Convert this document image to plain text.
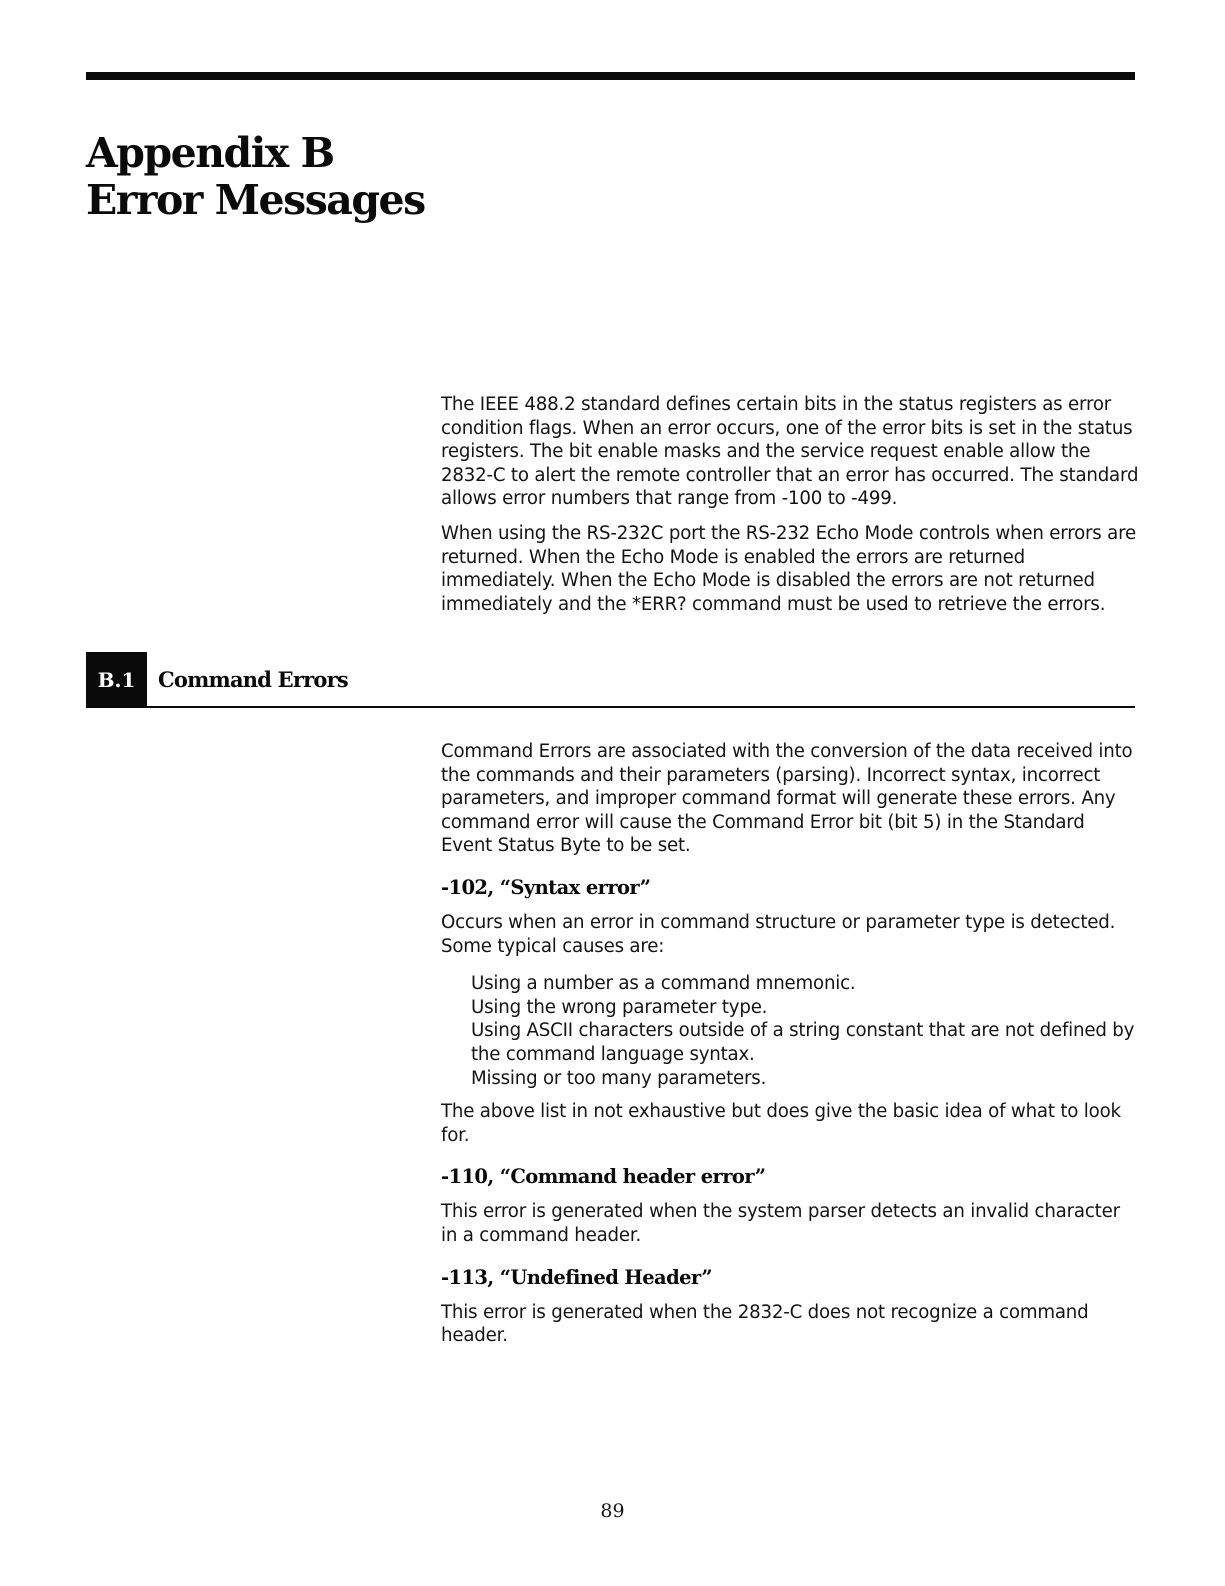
Appendix B
Error Messages

The IEEE 488.2 standard defines certain bits in the status registers as error condition flags. When an error occurs, one of the error bits is set in the status registers. The bit enable masks and the service request enable allow the 2832-C to alert the remote controller that an error has occurred. The standard allows error numbers that range from -100 to -499.

When using the RS-232C port the RS-232 Echo Mode controls when errors are returned. When the Echo Mode is enabled the errors are returned immediately. When the Echo Mode is disabled the errors are not returned immediately and the *ERR? command must be used to retrieve the errors.

B.1	Command Errors

Command Errors are associated with the conversion of the data received into the commands and their parameters (parsing). Incorrect syntax, incorrect parameters, and improper command format will generate these errors. Any command error will cause the Command Error bit (bit 5) in the Standard Event Status Byte to be set.

-102, “Syntax error”

Occurs when an error in command structure or parameter type is detected. Some typical causes are:

Using a number as a command mnemonic.
Using the wrong parameter type.
Using ASCII characters outside of a string constant that are not defined by the command language syntax.
Missing or too many parameters.

The above list in not exhaustive but does give the basic idea of what to look for.

-110, “Command header error”

This error is generated when the system parser detects an invalid character in a command header.

-113, “Undefined Header”

This error is generated when the 2832-C does not recognize a command header.

89
